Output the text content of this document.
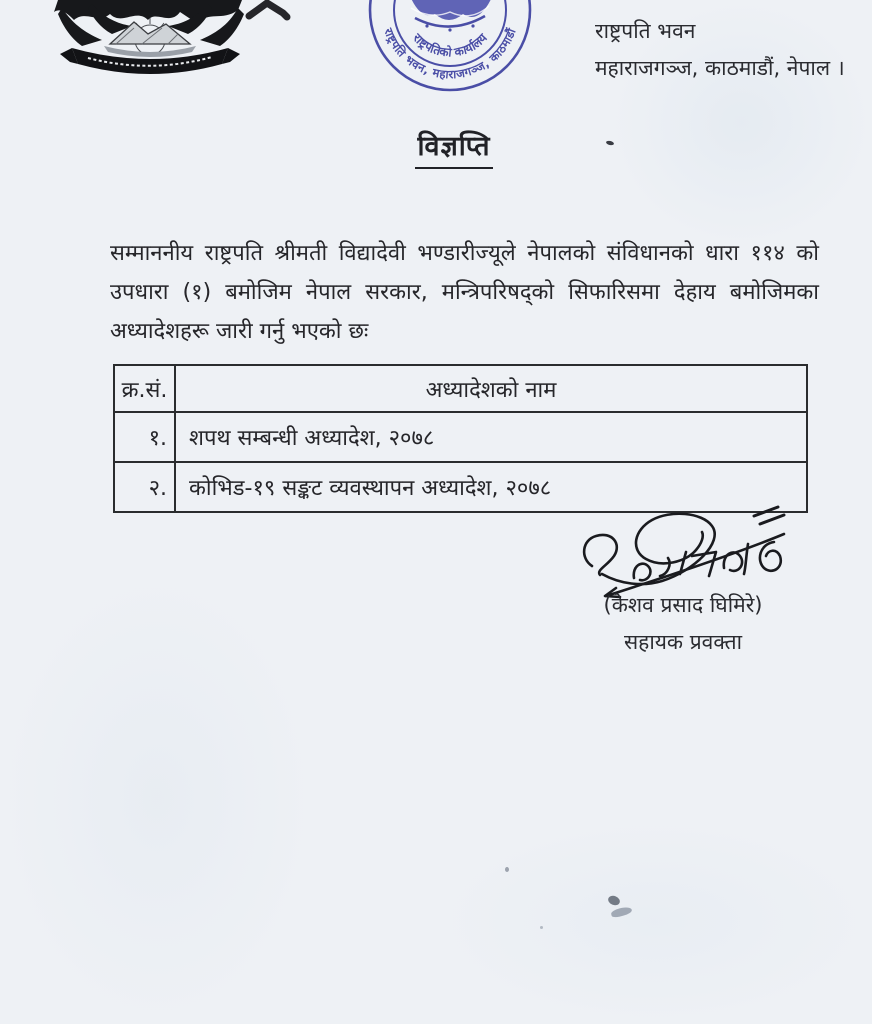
राष्ट्रपति भवन, महाराजगञ्ज, काठमाडौं
राष्ट्रपतिको कार्यालय	राष्ट्रपति भवन
महाराजगञ्ज, काठमाडौं, नेपाल ।
विज्ञप्ति
सम्माननीय राष्ट्रपति श्रीमती विद्यादेवी भण्डारीज्यूले नेपालको संविधानको धारा ११४ को
उपधारा (१) बमोजिम नेपाल सरकार, मन्त्रिपरिषद्को सिफारिसमा देहाय बमोजिमका
अध्यादेशहरू जारी गर्नु भएको छः
क्र.सं.	अध्यादेशको नाम
१.	शपथ सम्बन्धी अध्यादेश, २०७८
२.	कोभिड-१९ सङ्कट व्यवस्थापन अध्यादेश, २०७८
(केशव प्रसाद घिमिरे)
सहायक प्रवक्ता
